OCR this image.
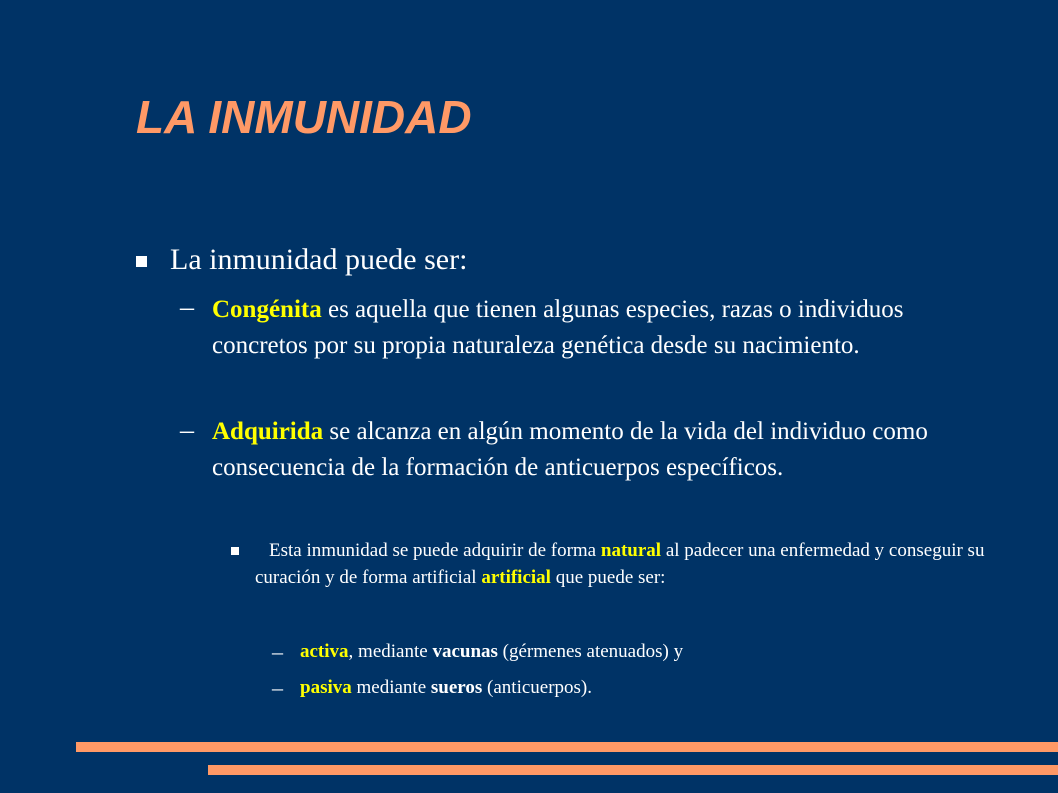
LA INMUNIDAD

La inmunidad puede ser:

– Congénita es aquella que tienen algunas especies, razas o individuos concretos por su propia naturaleza genética desde su nacimiento.

– Adquirida se alcanza en algún momento de la vida del individuo como consecuencia de la formación de anticuerpos específicos.

Esta inmunidad se puede adquirir de forma natural al padecer una enfermedad y conseguir su curación y de forma artificial artificial que puede ser:

– activa, mediante vacunas (gérmenes atenuados) y

– pasiva mediante sueros (anticuerpos).
